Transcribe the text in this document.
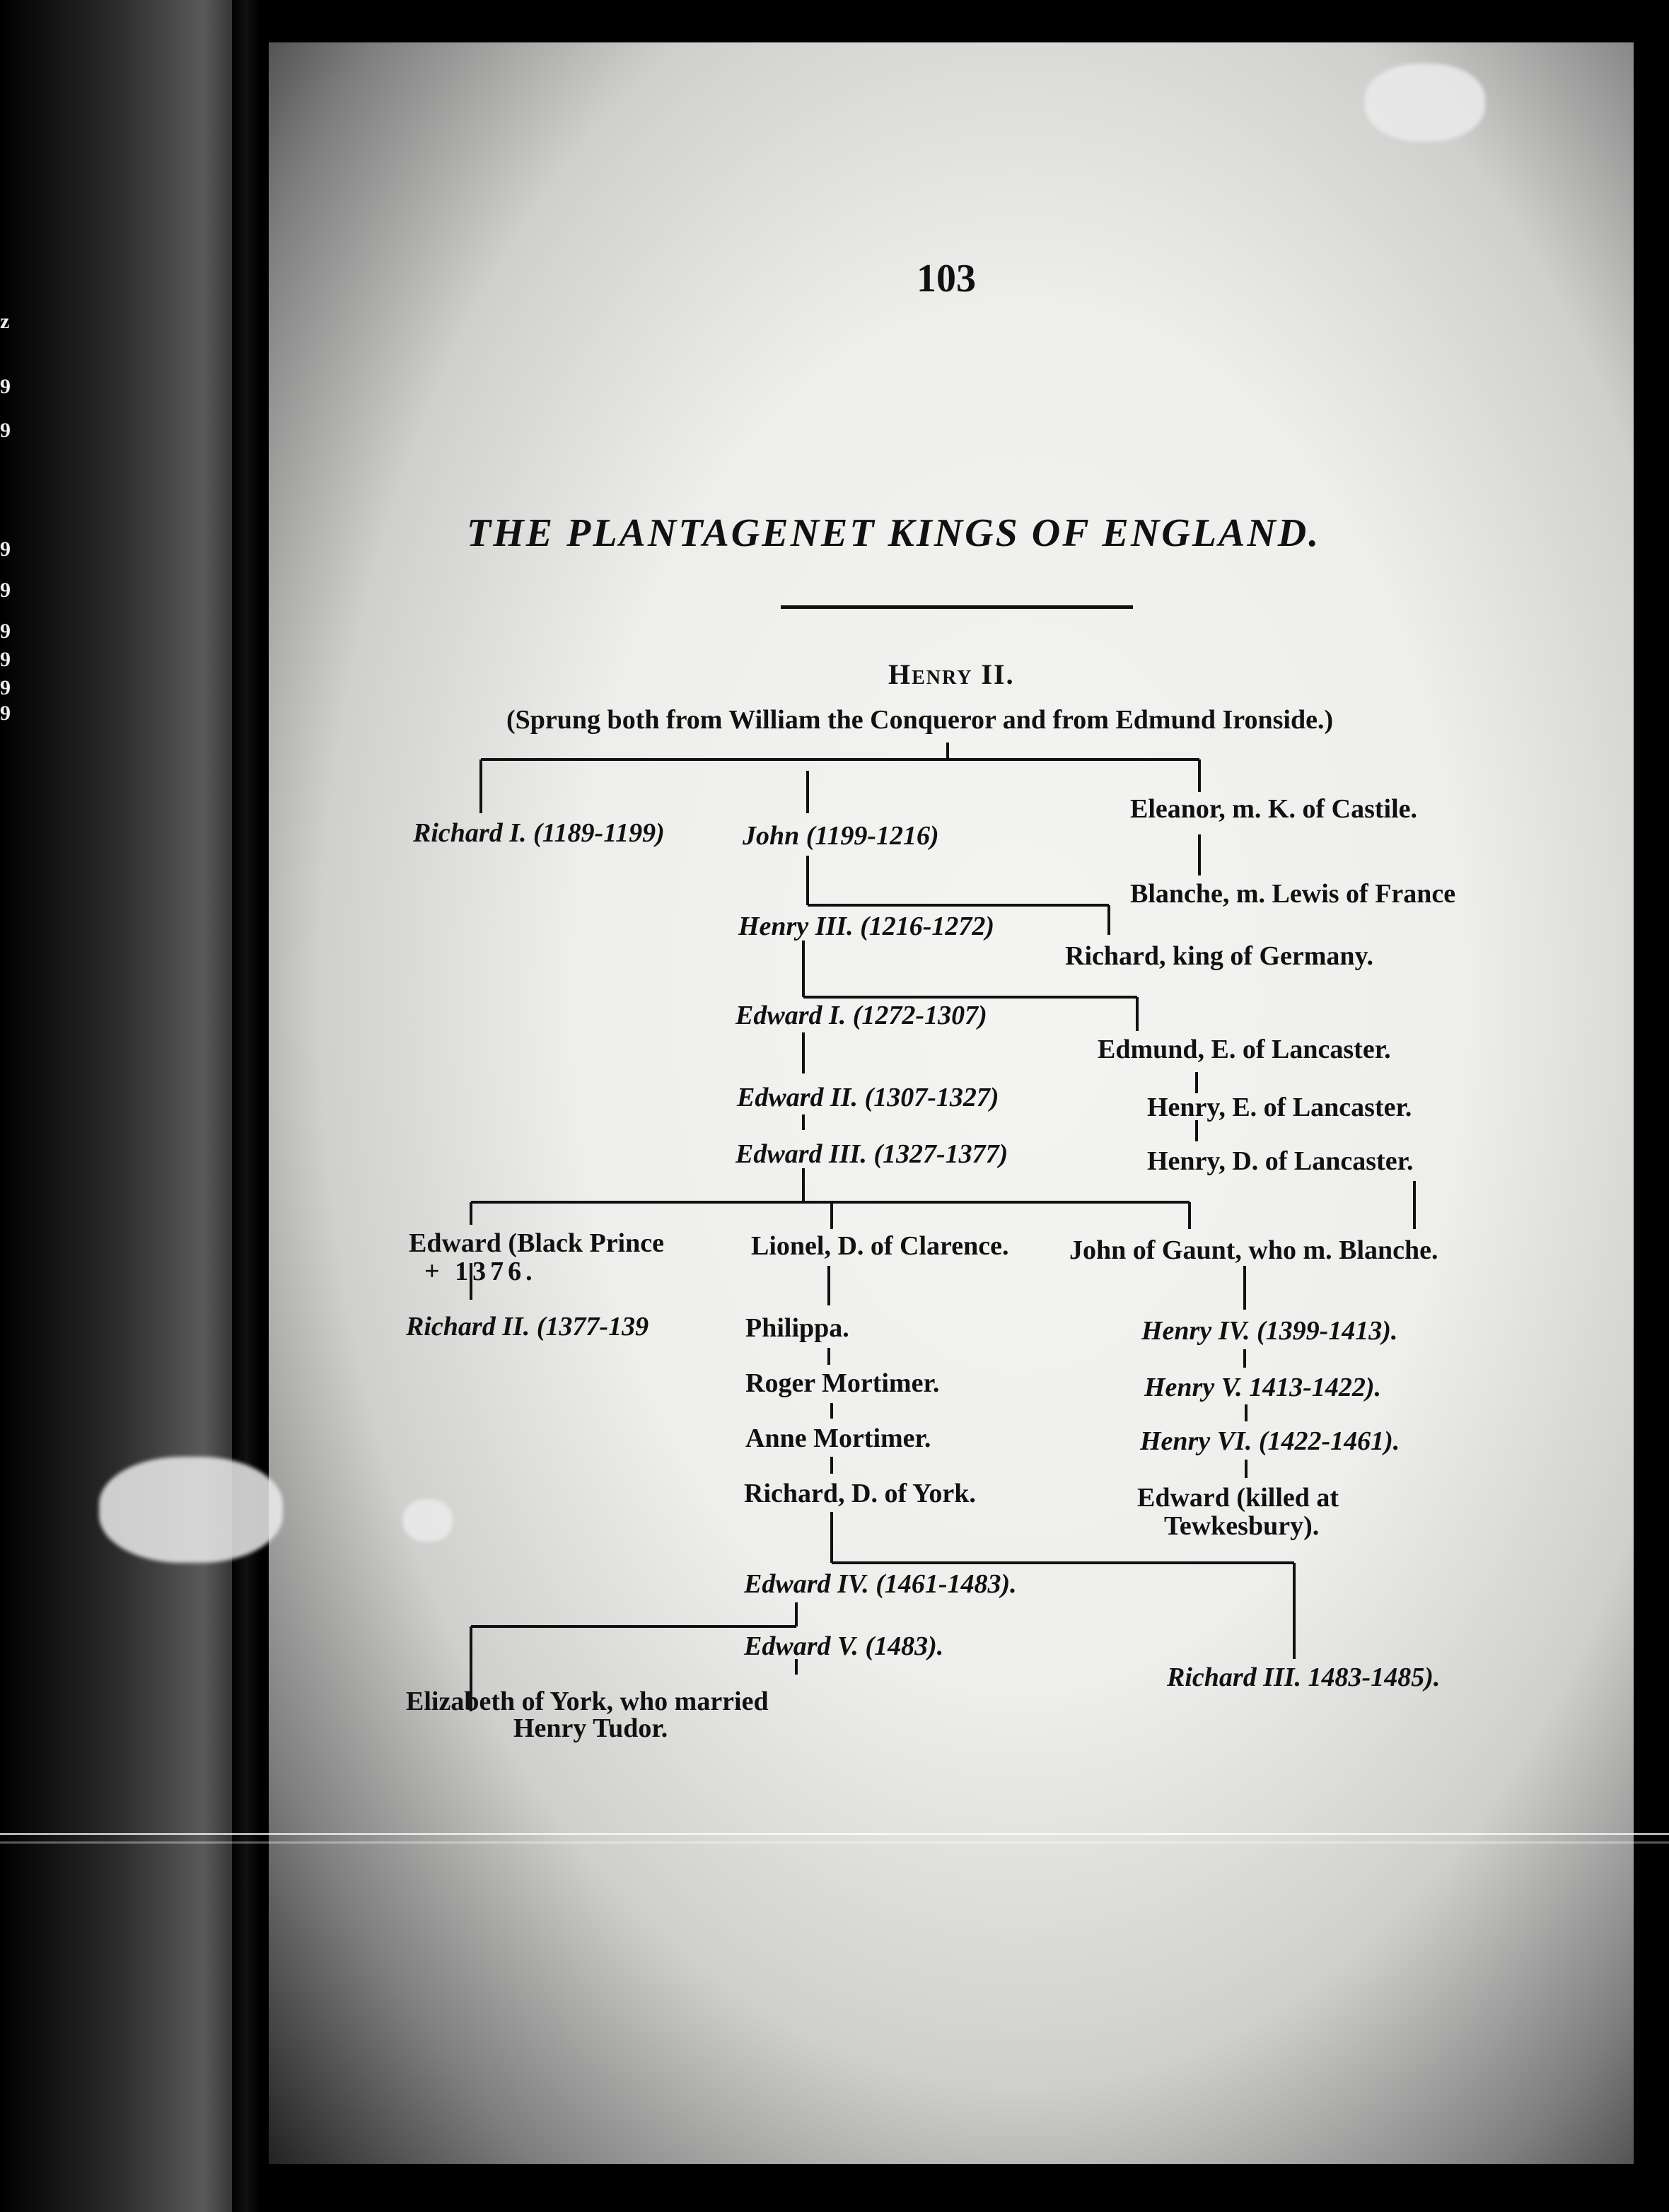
z
9
9
9
9
9
9
9
9
103
THE PLANTAGENET KINGS OF ENGLAND.
Henry II.
(Sprung both from William the Conqueror and from Edmund Ironside.)
Richard I. (1189-1199)	John (1199-1216)
Eleanor, m. K. of Castile.
Blanche, m. Lewis of France
Henry III. (1216-1272)
Richard, king of Germany.
Edward I. (1272-1307)
Edmund, E. of Lancaster.
Edward II. (1307-1327)	Henry, E. of Lancaster.
Edward III. (1327-1377)	Henry, D. of Lancaster.
Edward (Black Prince
+ 1376.
Lionel, D. of Clarence. John of Gaunt, who m. Blanche.
Richard II. (1377-139	Philippa.	Henry IV. (1399-1413).
Roger Mortimer.	Henry V. 1413-1422).
Anne Mortimer.	Henry VI. (1422-1461).
Richard, D. of York.	Edward (killed at
Tewkesbury).
Edward IV. (1461-1483).
Edward V. (1483).
Richard III. 1483-1485).
Elizabeth of York, who married
Henry Tudor.
